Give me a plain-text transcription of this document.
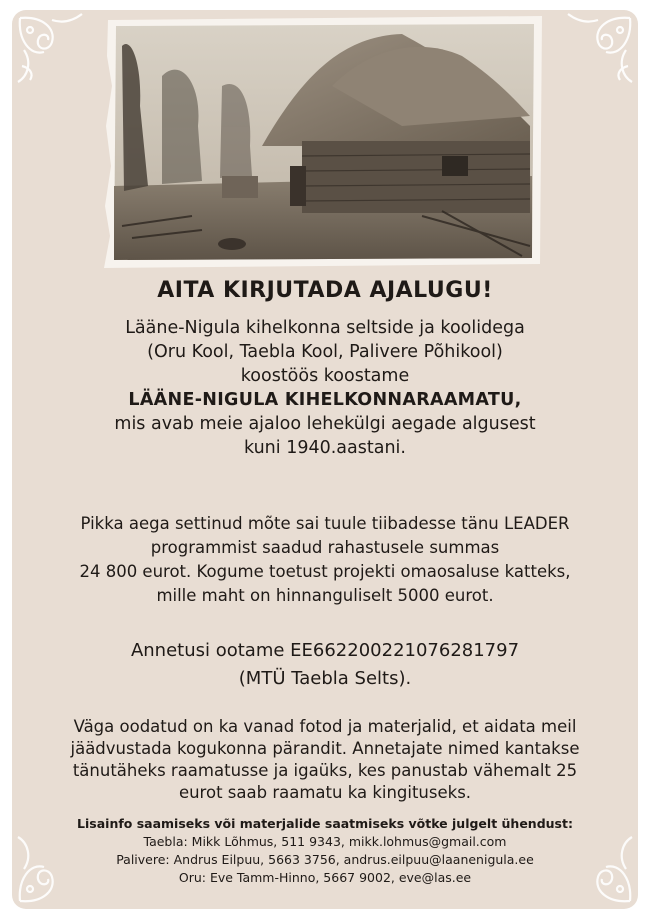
AITA KIRJUTADA AJALUGU!
Lääne-Nigula kihelkonna seltside ja koolidega
(Oru Kool, Taebla Kool, Palivere Põhikool)
koostöös koostame
LÄÄNE-NIGULA KIHELKONNARAAMATU,
mis avab meie ajaloo lehekülgi aegade algusest
kuni 1940.aastani.
Pikka aega settinud mõte sai tuule tiibadesse tänu LEADER
programmist saadud rahastusele summas
24 800 eurot. Kogume toetust projekti omaosaluse katteks,
mille maht on hinnanguliselt 5000 eurot.
Annetusi ootame EE662200221076281797
(MTÜ Taebla Selts).
Väga oodatud on ka vanad fotod ja materjalid, et aidata meil
jäädvustada kogukonna pärandit. Annetajate nimed kantakse
tänutäheks raamatusse ja igaüks, kes panustab vähemalt 25
eurot saab raamatu ka kingituseks.
Lisainfo saamiseks või materjalide saatmiseks võtke julgelt ühendust:
Taebla: Mikk Lõhmus, 511 9343, mikk.lohmus@gmail.com
Palivere: Andrus Eilpuu, 5663 3756, andrus.eilpuu@laanenigula.ee
Oru: Eve Tamm-Hinno, 5667 9002, eve@las.ee
